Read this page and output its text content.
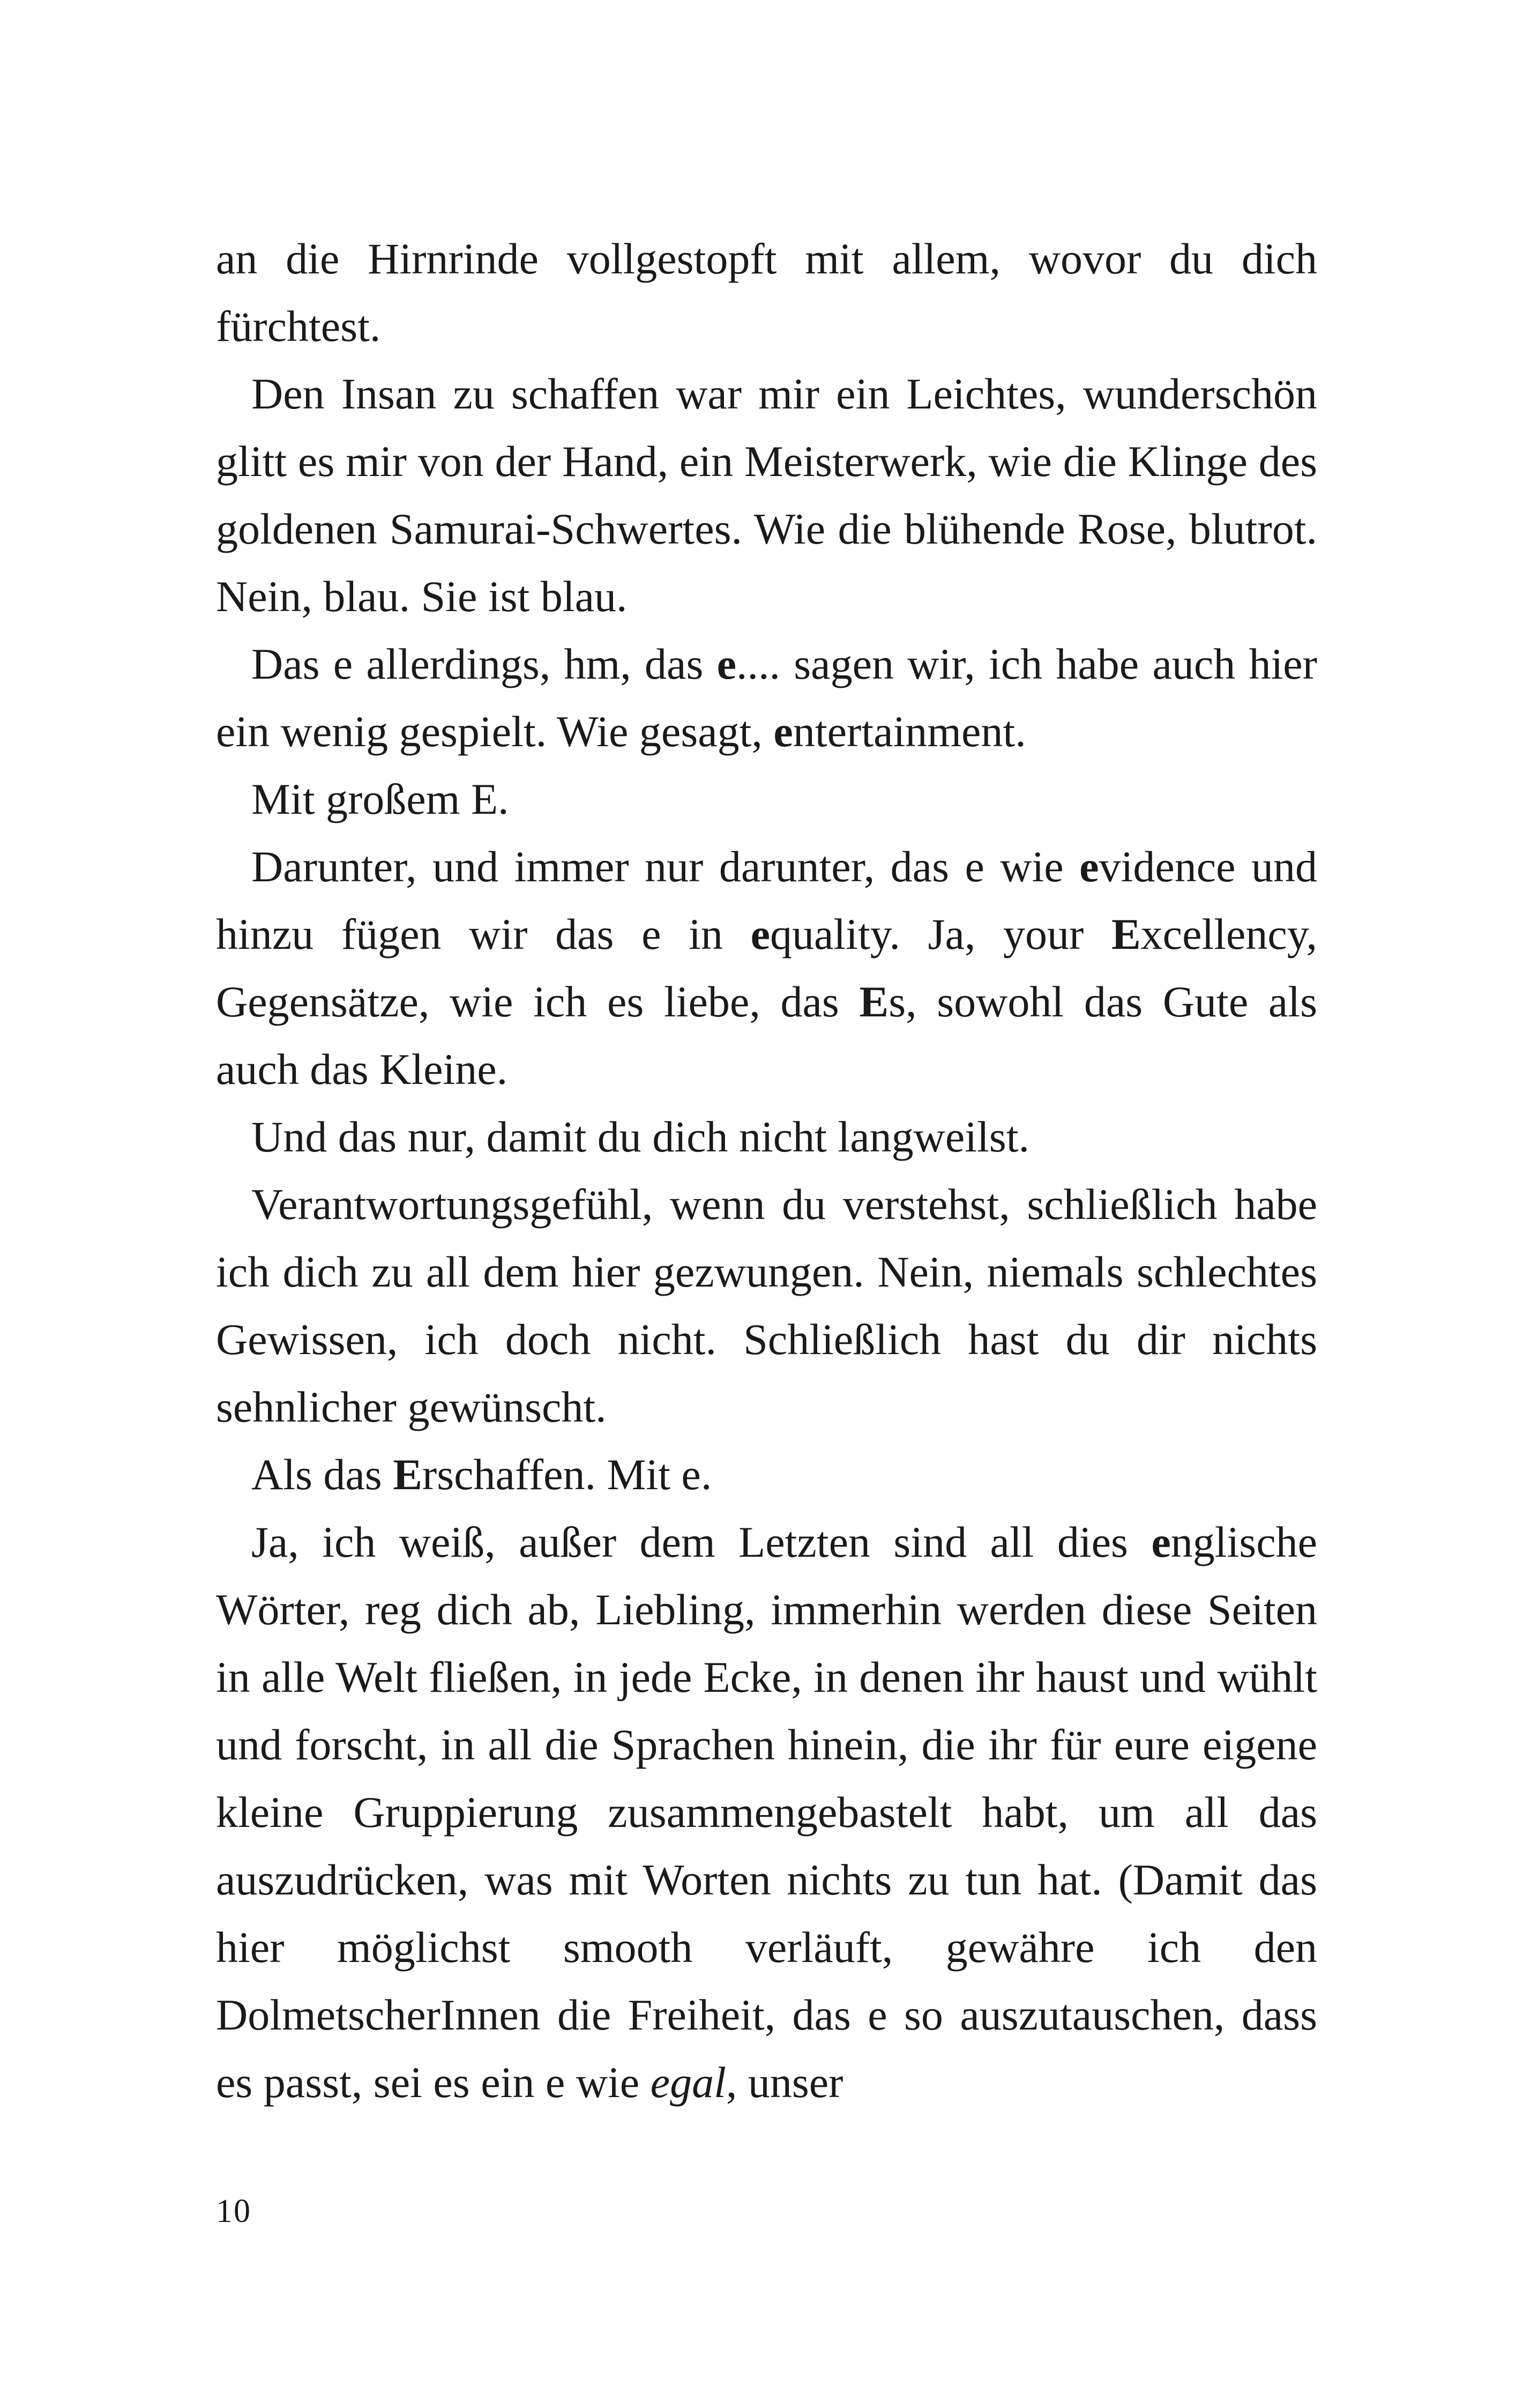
an die Hirnrinde vollgestopft mit allem, wovor du dich fürchtest.

Den Insan zu schaffen war mir ein Leichtes, wunderschön glitt es mir von der Hand, ein Meisterwerk, wie die Klinge des goldenen Samurai-Schwertes. Wie die blühende Rose, blutrot. Nein, blau. Sie ist blau.

Das e allerdings, hm, das e.... sagen wir, ich habe auch hier ein wenig gespielt. Wie gesagt, entertainment.

Mit großem E.

Darunter, und immer nur darunter, das e wie evidence und hinzu fügen wir das e in equality. Ja, your Excellency, Gegensätze, wie ich es liebe, das Es, sowohl das Gute als auch das Kleine.

Und das nur, damit du dich nicht langweilst.

Verantwortungsgefühl, wenn du verstehst, schließlich habe ich dich zu all dem hier gezwungen. Nein, niemals schlechtes Gewissen, ich doch nicht. Schließlich hast du dir nichts sehnlicher gewünscht.

Als das Erschaffen. Mit e.

Ja, ich weiß, außer dem Letzten sind all dies englische Wörter, reg dich ab, Liebling, immerhin werden diese Seiten in alle Welt fließen, in jede Ecke, in denen ihr haust und wühlt und forscht, in all die Sprachen hinein, die ihr für eure eigene kleine Gruppierung zusammengebastelt habt, um all das auszudrücken, was mit Worten nichts zu tun hat. (Damit das hier möglichst smooth verläuft, gewähre ich den DolmetscherInnen die Freiheit, das e so auszutauschen, dass es passt, sei es ein e wie egal, unser

10
